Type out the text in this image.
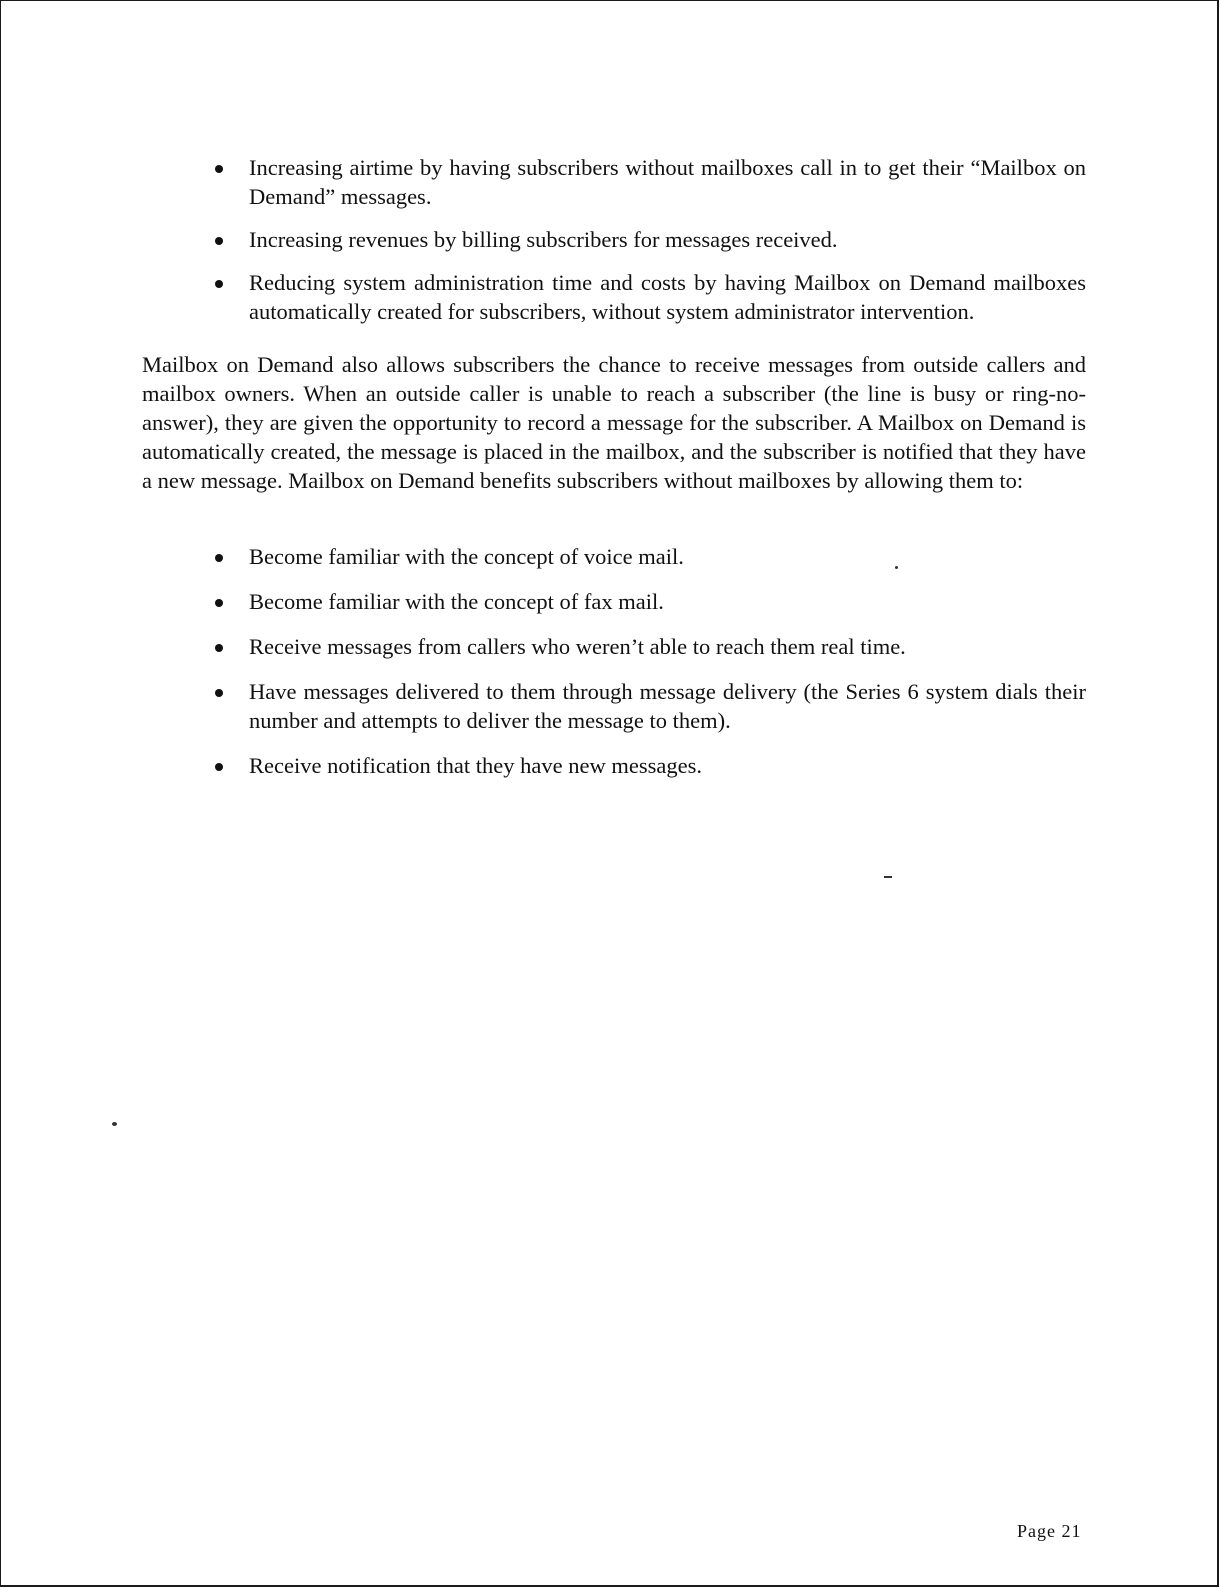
Increasing airtime by having subscribers without mailboxes call in to get their “Mailbox on Demand” messages.
Increasing revenues by billing subscribers for messages received.
Reducing system administration time and costs by having Mailbox on Demand mailboxes automatically created for subscribers, without system administrator intervention.

Mailbox on Demand also allows subscribers the chance to receive messages from outside callers and mailbox owners. When an outside caller is unable to reach a subscriber (the line is busy or ring-no-answer), they are given the opportunity to record a message for the subscriber. A Mailbox on Demand is automatically created, the message is placed in the mailbox, and the subscriber is notified that they have a new message. Mailbox on Demand benefits subscribers without mailboxes by allowing them to:

Become familiar with the concept of voice mail.
Become familiar with the concept of fax mail.
Receive messages from callers who weren’t able to reach them real time.
Have messages delivered to them through message delivery (the Series 6 system dials their number and attempts to deliver the message to them).
Receive notification that they have new messages.
Page 21
